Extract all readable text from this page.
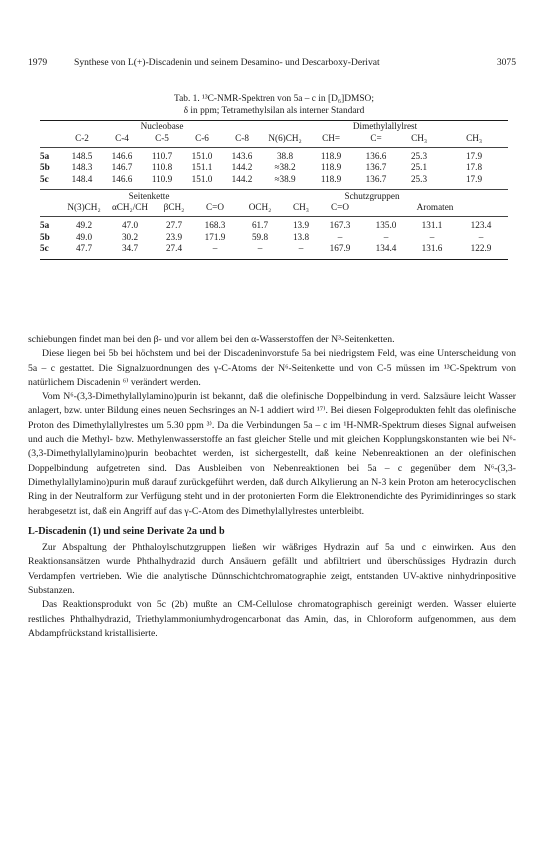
1979	Synthese von L(+)-Discadenin und seinem Desamino- und Descarboxy-Derivat	3075
Tab. 1. ¹³C-NMR-Spektren von 5a – c in [D₆]DMSO;
δ in ppm; Tetramethylsilan als interner Standard
	Nucleobase					Dimethylallylrest				
	C-2	C-4	C-5	C-6	C-8	N(6)CH₂	CH=	C=	CH₃	CH₃
5a	148.5	146.6	110.7	151.0	143.6	38.8	118.9	136.6	25.3	17.9
5b	148.3	146.7	110.8	151.1	144.2	≈38.2	118.9	136.7	25.1	17.8
5c	148.4	146.6	110.9	151.0	144.2	≈38.9	118.9	136.7	25.3	17.9
	Seitenkette				Schutzgruppen			
	N(3)CH₂	αCH₂/CH	βCH₂	C=O	OCH₂	CH₃	C=O	Aromaten
5a	49.2	47.0	27.7	168.3	61.7	13.9	167.3	135.0	131.1	123.4
5b	49.0	30.2	23.9	171.9	59.8	13.8	–	–	–	–
5c	47.7	34.7	27.4	–	–	–	167.9	134.4	131.6	122.9

schiebungen findet man bei den β- und vor allem bei den α-Wasserstoffen der N³-Seitenketten.

Diese liegen bei 5b bei höchstem und bei der Discadeninvorstufe 5a bei niedrigstem Feld, was eine Unterscheidung von 5a – c gestattet. Die Signalzuordnungen des γ-C-Atoms der N⁶-Seitenkette und von C-5 müssen im ¹³C-Spektrum von natürlichem Discadenin ⁶⁾ verändert werden.

Vom N⁶-(3,3-Dimethylallylamino)purin ist bekannt, daß die olefinische Doppelbindung in verd. Salzsäure leicht Wasser anlagert, bzw. unter Bildung eines neuen Sechsringes an N-1 addiert wird ¹⁷⁾. Bei diesen Folgeprodukten fehlt das olefinische Proton des Dimethylallylrestes um 5.30 ppm ³⁾. Da die Verbindungen 5a – c im ¹H-NMR-Spektrum dieses Signal aufweisen und auch die Methyl- bzw. Methylenwasserstoffe an fast gleicher Stelle und mit gleichen Kopplungskonstanten wie bei N⁶-(3,3-Dimethylallylamino)purin beobachtet werden, ist sichergestellt, daß keine Nebenreaktionen an der olefinischen Doppelbindung aufgetreten sind. Das Ausbleiben von Nebenreaktionen bei 5a – c gegenüber dem N⁶-(3,3-Dimethylallylamino)purin muß darauf zurückgeführt werden, daß durch Alkylierung an N-3 kein Proton am heterocyclischen Ring in der Neutralform zur Verfügung steht und in der protonierten Form die Elektronendichte des Pyrimidinringes so stark herabgesetzt ist, daß ein Angriff auf das γ-C-Atom des Dimethylallylrestes unterbleibt.

L-Discadenin (1) und seine Derivate 2a und b

Zur Abspaltung der Phthaloylschutzgruppen ließen wir wäßriges Hydrazin auf 5a und c einwirken. Aus den Reaktionsansätzen wurde Phthalhydrazid durch Ansäuern gefällt und abfiltriert und überschüssiges Hydrazin durch Verdampfen vertrieben. Wie die analytische Dünnschichtchromatographie zeigt, entstanden UV-aktive ninhydrinpositive Substanzen.

Das Reaktionsprodukt von 5c (2b) mußte an CM-Cellulose chromatographisch gereinigt werden. Wasser eluierte restliches Phthalhydrazid, Triethylammoniumhydrogencarbonat das Amin, das, in Chloroform aufgenommen, aus dem Abdampfrückstand kristallisierte.
